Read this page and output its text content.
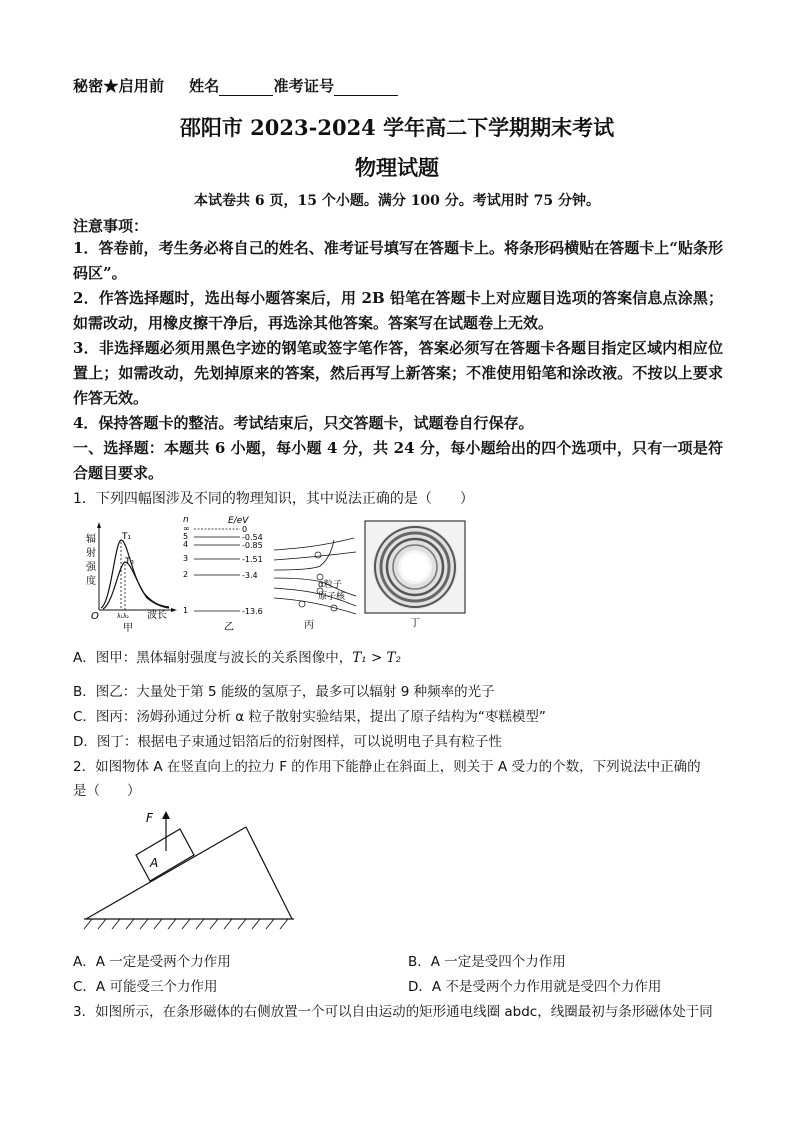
秘密★启用前 姓名	准考证号
邵阳市 2023-2024 学年高二下学期期末考试
物理试题
本试卷共 6 页，15 个小题。满分 100 分。考试用时 75 分钟。
注意事项：
1．答卷前，考生务必将自己的姓名、准考证号填写在答题卡上。将条形码横贴在答题卡上“贴条形码区”。
2．作答选择题时，选出每小题答案后，用 2B 铅笔在答题卡上对应题目选项的答案信息点涂黑；如需改动，用橡皮擦干净后，再选涂其他答案。答案写在试题卷上无效。
3．非选择题必须用黑色字迹的钢笔或签字笔作答，答案必须写在答题卡各题目指定区域内相应位置上；如需改动，先划掉原来的答案，然后再写上新答案；不准使用铅笔和涂改液。不按以上要求作答无效。
4．保持答题卡的整洁。考试结束后，只交答题卡，试题卷自行保存。
一、选择题：本题共 6 小题，每小题 4 分，共 24 分，每小题给出的四个选项中，只有一项是符合题目要求。
1．下列四幅图涉及不同的物理知识，其中说法正确的是（　　）
T₁
T₂
λ₁λ₂
O	波长
辐
射
强
度
甲
n	E/eV
∞	0
5	-0.54
4	-0.85
3	-1.51
2	-3.4
1	-13.6
乙
α粒子
原子核
丙	丁
A．图甲：黑体辐射强度与波长的关系图像中，T₁ > T₂
B．图乙：大量处于第 5 能级的氢原子，最多可以辐射 9 种频率的光子
C．图丙：汤姆孙通过分析 α 粒子散射实验结果，提出了原子结构为“枣糕模型”
D．图丁：根据电子束通过铝箔后的衍射图样，可以说明电子具有粒子性
2．如图物体 A 在竖直向上的拉力 F 的作用下能静止在斜面上，则关于 A 受力的个数，下列说法中正确的
是（　　）
F
A
A．A 一定是受两个力作用	B．A 一定是受四个力作用
C．A 可能受三个力作用	D．A 不是受两个力作用就是受四个力作用
3．如图所示，在条形磁体的右侧放置一个可以自由运动的矩形通电线圈 abdc，线圈最初与条形磁体处于同
